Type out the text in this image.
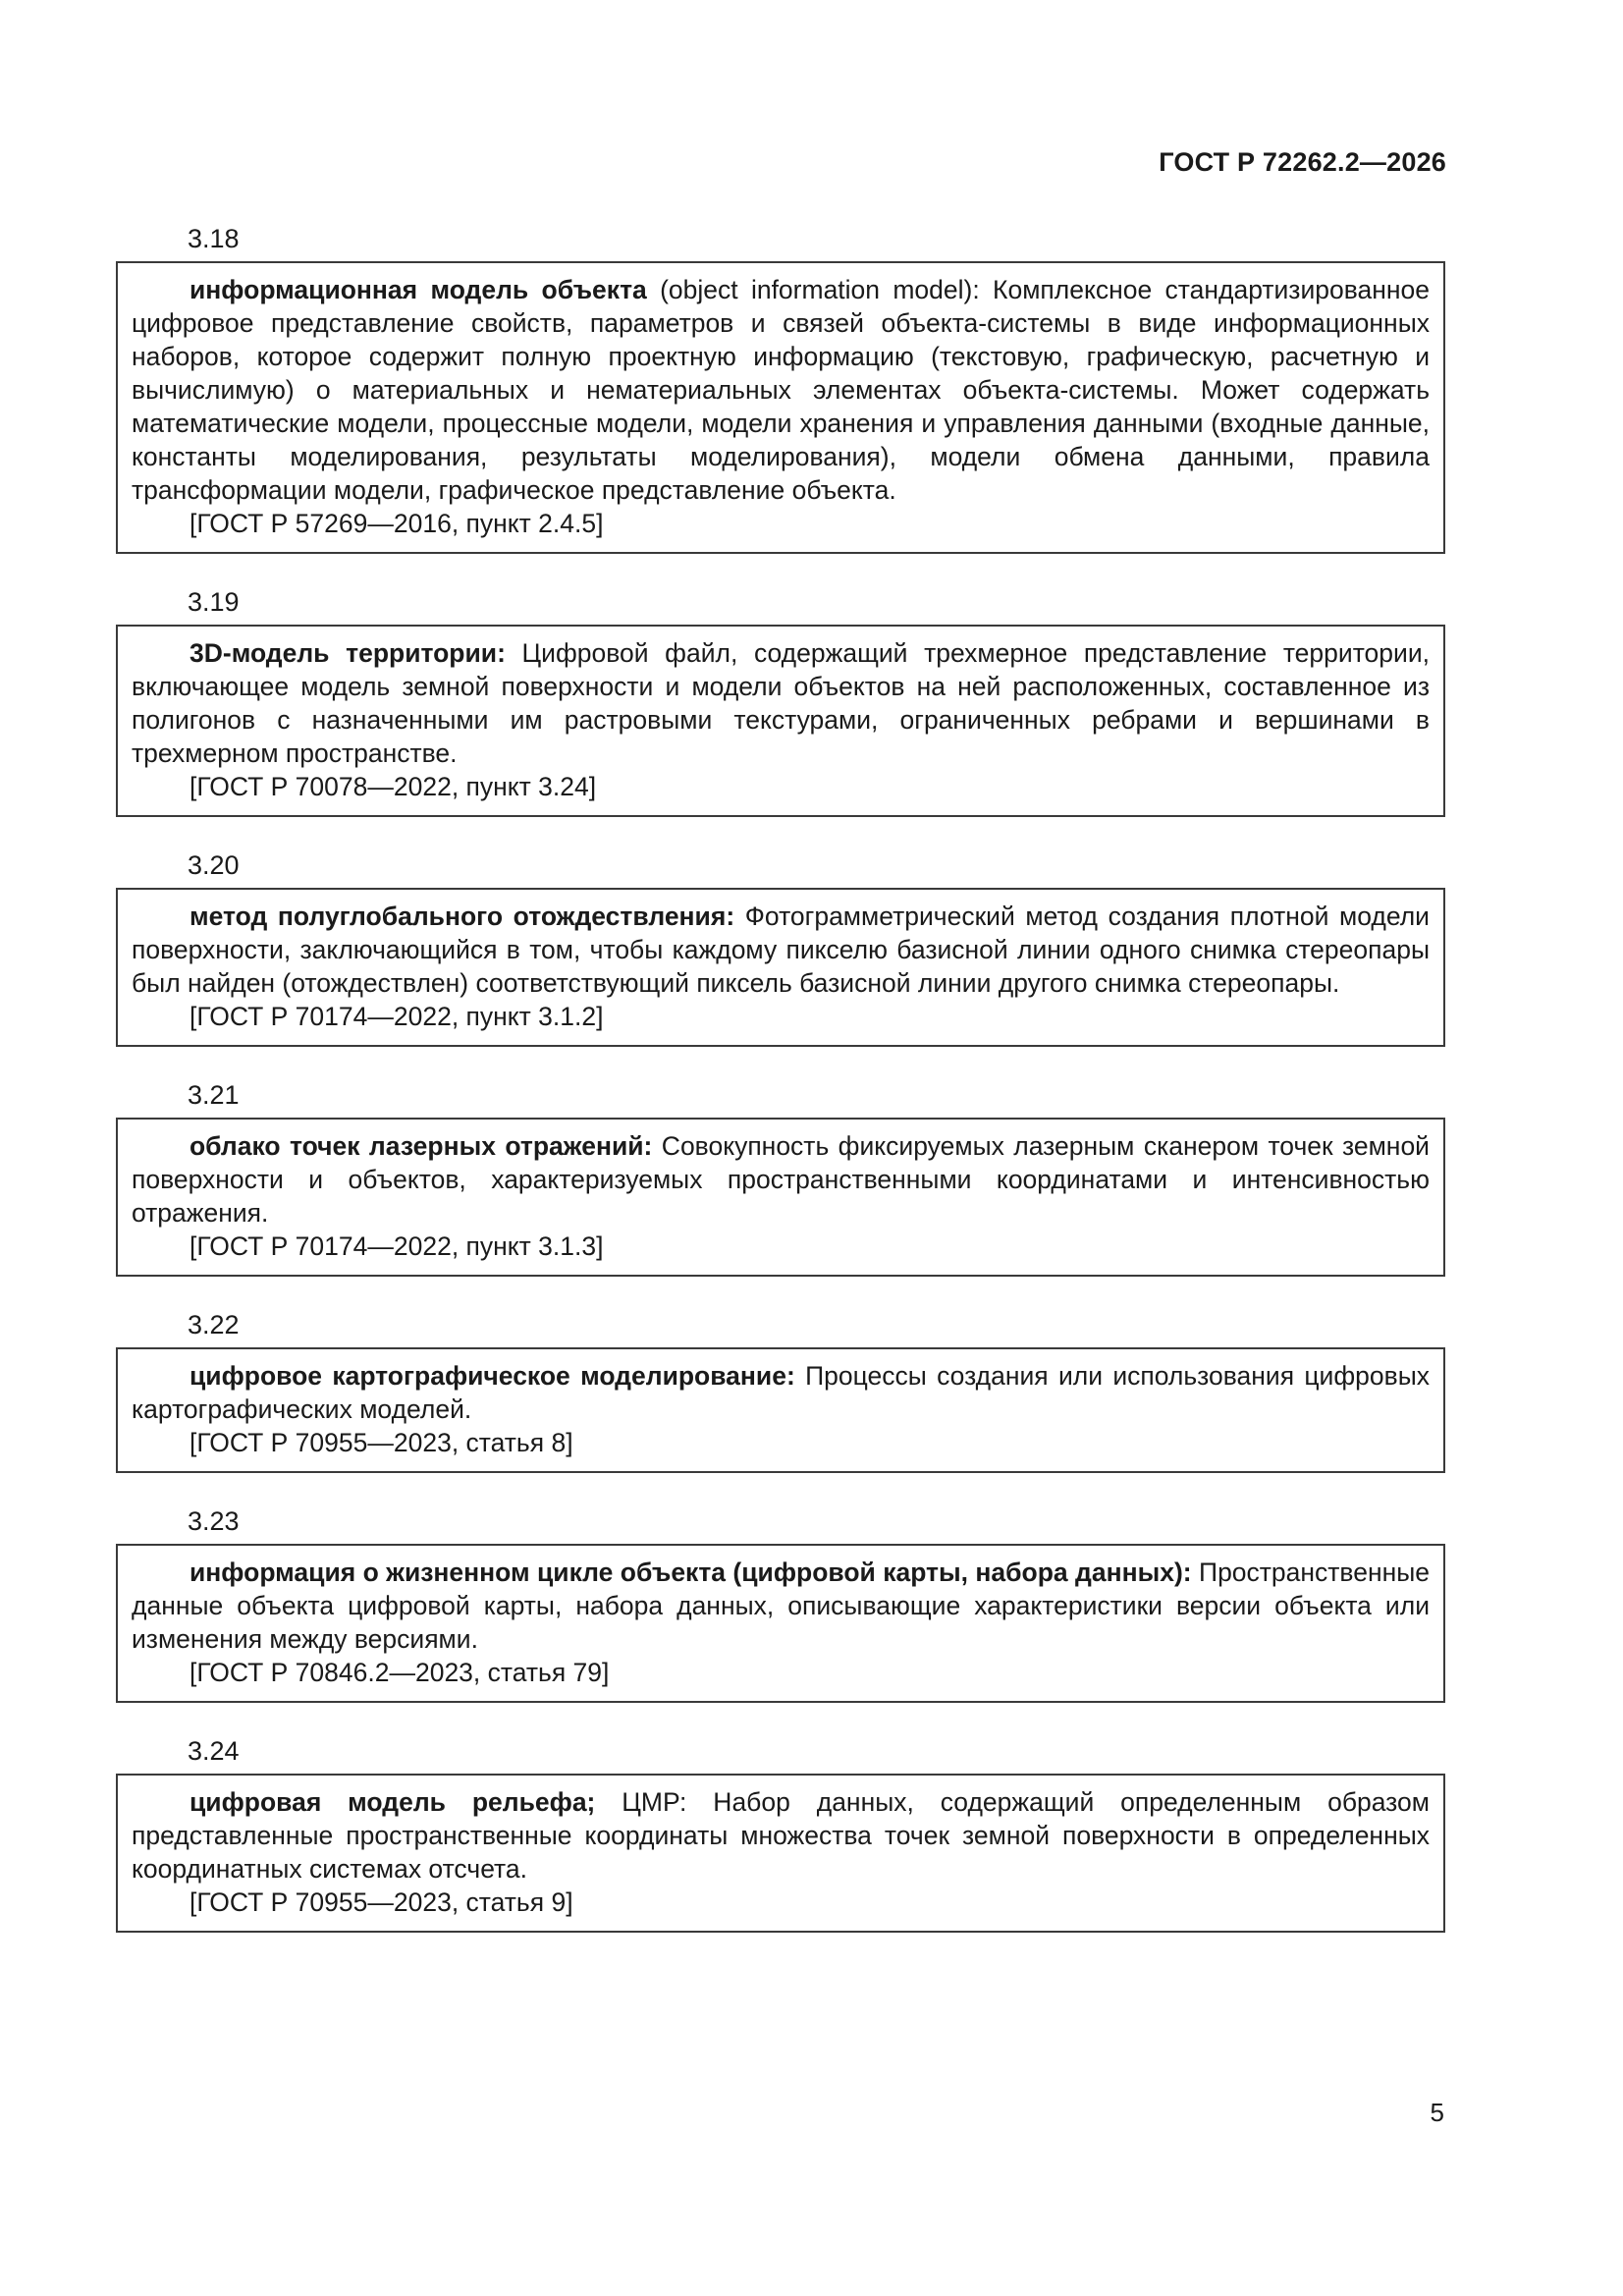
ГОСТ Р 72262.2—2026
3.18

информационная модель объекта (object information model): Комплексное стандартизированное цифровое представление свойств, параметров и связей объекта-системы в виде информационных наборов, которое содержит полную проектную информацию (текстовую, графическую, расчетную и вычислимую) о материальных и нематериальных элементах объекта-системы. Может содержать математические модели, процессные модели, модели хранения и управления данными (входные данные, константы моделирования, результаты моделирования), модели обмена данными, правила трансформации модели, графическое представление объекта.

[ГОСТ Р 57269—2016, пункт 2.4.5]
3.19

3D-модель территории: Цифровой файл, содержащий трехмерное представление территории, включающее модель земной поверхности и модели объектов на ней расположенных, составленное из полигонов с назначенными им растровыми текстурами, ограниченных ребрами и вершинами в трехмерном пространстве.

[ГОСТ Р 70078—2022, пункт 3.24]
3.20

метод полуглобального отождествления: Фотограмметрический метод создания плотной модели поверхности, заключающийся в том, чтобы каждому пикселю базисной линии одного снимка стереопары был найден (отождествлен) соответствующий пиксель базисной линии другого снимка стереопары.

[ГОСТ Р 70174—2022, пункт 3.1.2]
3.21

облако точек лазерных отражений: Совокупность фиксируемых лазерным сканером точек земной поверхности и объектов, характеризуемых пространственными координатами и интенсивностью отражения.

[ГОСТ Р 70174—2022, пункт 3.1.3]
3.22

цифровое картографическое моделирование: Процессы создания или использования цифровых картографических моделей.

[ГОСТ Р 70955—2023, статья 8]
3.23

информация о жизненном цикле объекта (цифровой карты, набора данных): Пространственные данные объекта цифровой карты, набора данных, описывающие характеристики версии объекта или изменения между версиями.

[ГОСТ Р 70846.2—2023, статья 79]
3.24

цифровая модель рельефа; ЦМР: Набор данных, содержащий определенным образом представленные пространственные координаты множества точек земной поверхности в определенных координатных системах отсчета.

[ГОСТ Р 70955—2023, статья 9]
5
